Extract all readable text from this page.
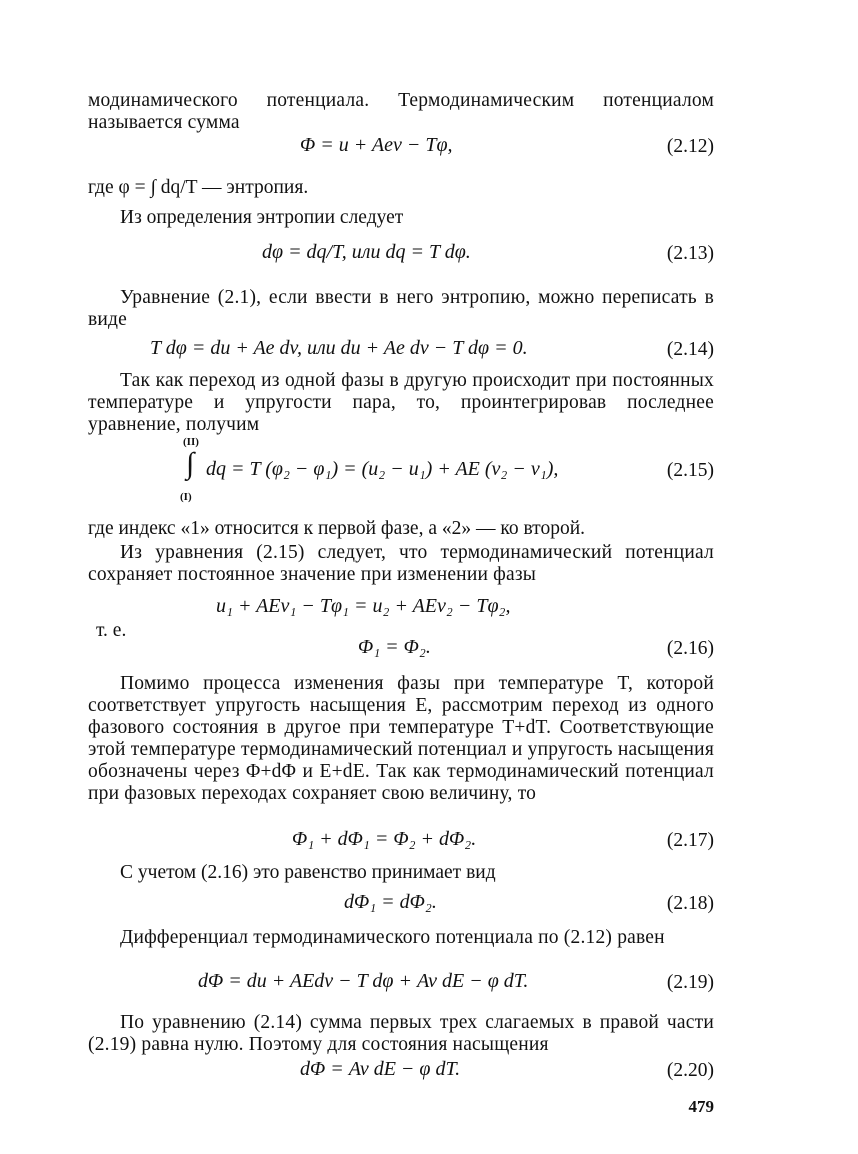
модинамического потенциала. Термодинамическим потенциалом называется сумма
Φ = u + Aev − Tφ,	(2.12)
где φ = ∫ dq/T — энтропия.
Из определения энтропии следует
dφ = dq/T, или dq = T dφ.	(2.13)
Уравнение (2.1), если ввести в него энтропию, можно переписать в виде
T dφ = du + Ae dv, или du + Ae dv − T dφ = 0.	(2.14)
Так как переход из одной фазы в другую происходит при постоянных температуре и упругости пара, то, проинтегрировав последнее уравнение, получим
(II)
∫
(I)
dq = T (φ₂ − φ₁) = (u₂ − u₁) + AE (v₂ − v₁),	(2.15)
где индекс «1» относится к первой фазе, а «2» — ко второй.
Из уравнения (2.15) следует, что термодинамический потенциал сохраняет постоянное значение при изменении фазы
u₁ + AEv₁ − Tφ₁ = u₂ + AEv₂ − Tφ₂,
т. е.
Φ₁ = Φ₂.	(2.16)
Помимо процесса изменения фазы при температуре T, которой соответствует упругость насыщения E, рассмотрим переход из одного фазового состояния в другое при температуре T+dT. Соответствующие этой температуре термодинамический потенциал и упругость насыщения обозначены через Φ+dΦ и E+dE. Так как термодинамический потенциал при фазовых переходах сохраняет свою величину, то
Φ₁ + dΦ₁ = Φ₂ + dΦ₂.	(2.17)
С учетом (2.16) это равенство принимает вид
dΦ₁ = dΦ₂.	(2.18)
Дифференциал термодинамического потенциала по (2.12) равен
dΦ = du + AEdv − T dφ + Av dE − φ dT.	(2.19)
По уравнению (2.14) сумма первых трех слагаемых в правой части (2.19) равна нулю. Поэтому для состояния насыщения
dΦ = Av dE − φ dT.	(2.20)
479
